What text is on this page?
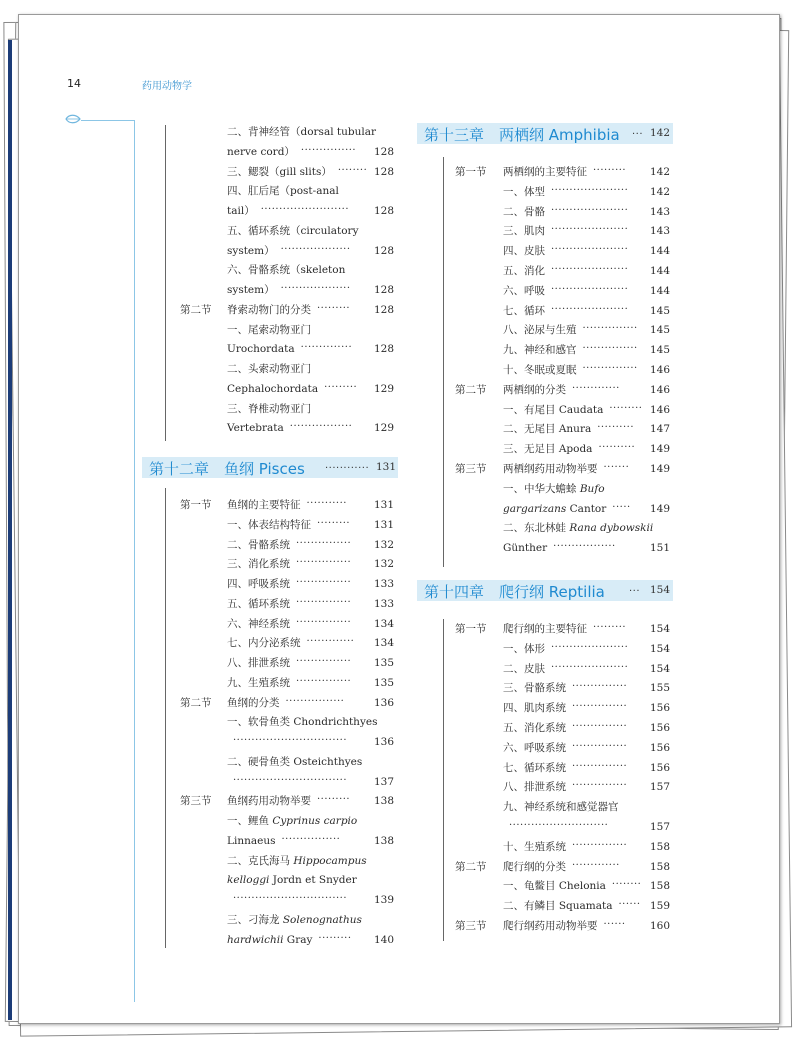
14	药用动物学
第十二章　鱼纲 Pisces ············ 131
第十三章　两栖纲 Amphibia ··· 142
第十四章　爬行纲 Reptilia ··· 154
二、背神经管（dorsal tubular
nerve cord） ··············· 128
三、鳃裂（gill slits） ········ 128
四、肛后尾（post-anal
tail） ························ 128
五、循环系统（circulatory
system） ··················· 128
六、骨骼系统（skeleton
system） ··················· 128
第二节 脊索动物门的分类 ········· 128
一、尾索动物亚门
Urochordata ·············· 128
二、头索动物亚门
Cephalochordata ········· 129
三、脊椎动物亚门
Vertebrata ················· 129
第一节 鱼纲的主要特征 ···········	131
一、体表结构特征 ········· 131
二、骨骼系统 ··············· 132
三、消化系统 ··············· 132
四、呼吸系统 ··············· 133
五、循环系统 ··············· 133
六、神经系统 ··············· 134
七、内分泌系统 ············· 134
八、排泄系统 ··············· 135
九、生殖系统 ··············· 135
第二节 鱼纲的分类 ················	136
一、软骨鱼类 Chondrichthyes
·······························	136
二、硬骨鱼类 Osteichthyes
·······························	137
第三节 鱼纲药用动物举要 ········· 138
一、鲤鱼 Cyprinus carpio
Linnaeus ················	138
二、克氏海马 Hippocampus
kelloggi Jordn et Snyder
·······························	139
三、刁海龙 Solenognathus
hardwichii Gray ········· 140
第一节 两栖纲的主要特征 ········· 142
一、体型 ····················· 142
二、骨骼 ····················· 143
三、肌肉 ····················· 143
四、皮肤 ····················· 144
五、消化 ····················· 144
六、呼吸 ····················· 144
七、循环 ····················· 145
八、泌尿与生殖 ··············· 145
九、神经和感官 ··············· 145
十、冬眠或夏眠 ··············· 146
第二节 两栖纲的分类 ·············	146
一、有尾目 Caudata ········· 146
二、无尾目 Anura ·········· 147
三、无足目 Apoda ·········· 149
第三节 两栖纲药用动物举要 ······· 149
一、中华大蟾蜍 Bufo
gargarizans Cantor ····· 149
二、东北林蛙 Rana dybowskii
Günther ·················	151
第一节 爬行纲的主要特征 ········· 154
一、体形 ····················· 154
二、皮肤 ····················· 154
三、骨骼系统 ··············· 155
四、肌肉系统 ··············· 156
五、消化系统 ··············· 156
六、呼吸系统 ··············· 156
七、循环系统 ··············· 156
八、排泄系统 ··············· 157
九、神经系统和感觉器官
···························	157
十、生殖系统 ··············· 158
第二节 爬行纲的分类 ·············	158
一、龟鳖目 Chelonia ········ 158
二、有鳞目 Squamata ······ 159
第三节 爬行纲药用动物举要 ······ 160
